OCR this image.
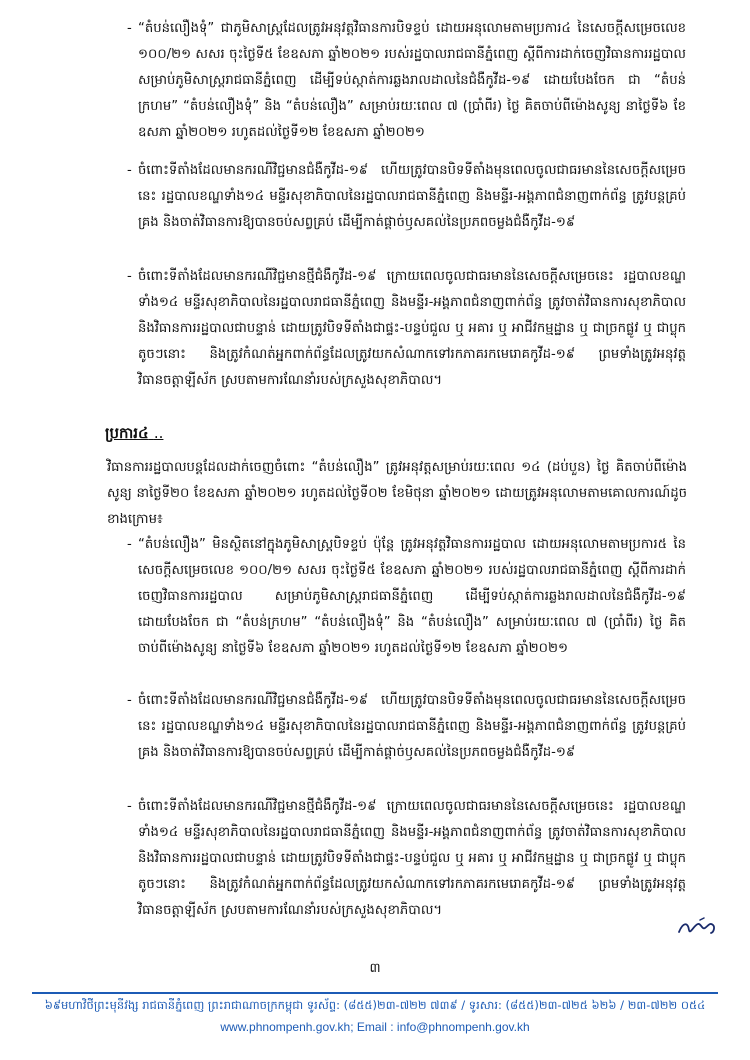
- “តំបន់លឿងទុំ” ជាភូមិសាស្ត្រដែលត្រូវអនុវត្តវិធានការបិទខ្ទប់ ដោយអនុលោមតាមប្រការ៤ នៃសេចក្តីសម្រេចលេខ ១០០/២១ សសរ ចុះថ្ងៃទី៥ ខែឧសភា ឆ្នាំ២០២១ របស់រដ្ឋបាលរាជធានីភ្នំពេញ ស្តីពីការដាក់ចេញវិធានការរដ្ឋបាល សម្រាប់ភូមិសាស្ត្ររាជធានីភ្នំពេញ ដើម្បីទប់ស្កាត់ការឆ្លងរាលដាលនៃជំងឺកូវីដ-១៩ ដោយបែងចែក ជា “តំបន់ក្រហម” “តំបន់លឿងទុំ” និង “តំបន់លឿង” សម្រាប់រយៈពេល ៧ (ប្រាំពីរ) ថ្ងៃ គិតចាប់ពីម៉ោងសូន្យ នាថ្ងៃទី៦ ខែឧសភា ឆ្នាំ២០២១ រហូតដល់ថ្ងៃទី១២ ខែឧសភា ឆ្នាំ២០២១

- ចំពោះទីតាំងដែលមានករណីវិជ្ជមានជំងឺកូវីដ-១៩ ហើយត្រូវបានបិទទីតាំងមុនពេលចូលជាធរមាននៃសេចក្តីសម្រេចនេះ រដ្ឋបាលខណ្ឌទាំង១៤ មន្ទីរសុខាភិបាលនៃរដ្ឋបាលរាជធានីភ្នំពេញ និងមន្ទីរ-អង្គភាពជំនាញពាក់ព័ន្ធ ត្រូវបន្តគ្រប់គ្រង និងចាត់វិធានការឱ្យបានចប់សព្វគ្រប់ ដើម្បីកាត់ផ្តាច់ឫសគល់នៃប្រភពចម្លងជំងឺកូវីដ-១៩

- ចំពោះទីតាំងដែលមានករណីវិជ្ជមានថ្មីជំងឺកូវីដ-១៩ ក្រោយពេលចូលជាធរមាននៃសេចក្តីសម្រេចនេះ រដ្ឋបាលខណ្ឌទាំង១៤ មន្ទីរសុខាភិបាលនៃរដ្ឋបាលរាជធានីភ្នំពេញ និងមន្ទីរ-អង្គភាពជំនាញពាក់ព័ន្ធ ត្រូវចាត់វិធានការសុខាភិបាល និងវិធានការរដ្ឋបាលជាបន្ទាន់ ដោយត្រូវបិទទីតាំងជាផ្ទះ-បន្ទប់ជួល ឬ អគារ ឬ អាជីវកម្មដ្ឋាន ឬ ជាច្រកផ្លូវ ឬ ជាប្លុកតូចៗនោះ និងត្រូវកំណត់អ្នកពាក់ព័ន្ធដែលត្រូវយកសំណាកទៅរកភាគរកមេរោគកូវីដ-១៩ ព្រមទាំងត្រូវអនុវត្តវិធានចត្តាឡីស័ក ស្របតាមការណែនាំរបស់ក្រសួងសុខាភិបាល។

ប្រការ៤ ..

វិធានការរដ្ឋបាលបន្តដែលដាក់ចេញចំពោះ “តំបន់លឿង” ត្រូវអនុវត្តសម្រាប់រយៈពេល ១៤ (ដប់បួន) ថ្ងៃ គិតចាប់ពីម៉ោងសូន្យ នាថ្ងៃទី២០ ខែឧសភា ឆ្នាំ២០២១ រហូតដល់ថ្ងៃទី០២ ខែមិថុនា ឆ្នាំ២០២១ ដោយត្រូវអនុលោមតាមគោលការណ៍ដូចខាងក្រោម៖

- “តំបន់លឿង” មិនស្ថិតនៅក្នុងភូមិសាស្ត្របិទខ្ទប់ ប៉ុន្តែ ត្រូវអនុវត្តវិធានការរដ្ឋបាល ដោយអនុលោមតាមប្រការ៥ នៃសេចក្តីសម្រេចលេខ ១០០/២១ សសរ ចុះថ្ងៃទី៥ ខែឧសភា ឆ្នាំ២០២១ របស់រដ្ឋបាលរាជធានីភ្នំពេញ ស្តីពីការដាក់ចេញវិធានការរដ្ឋបាល សម្រាប់ភូមិសាស្ត្ររាជធានីភ្នំពេញ ដើម្បីទប់ស្កាត់ការឆ្លងរាលដាលនៃជំងឺកូវីដ-១៩ ដោយបែងចែក ជា “តំបន់ក្រហម” “តំបន់លឿងទុំ” និង “តំបន់លឿង” សម្រាប់រយៈពេល ៧ (ប្រាំពីរ) ថ្ងៃ គិតចាប់ពីម៉ោងសូន្យ នាថ្ងៃទី៦ ខែឧសភា ឆ្នាំ២០២១ រហូតដល់ថ្ងៃទី១២ ខែឧសភា ឆ្នាំ២០២១

- ចំពោះទីតាំងដែលមានករណីវិជ្ជមានជំងឺកូវីដ-១៩ ហើយត្រូវបានបិទទីតាំងមុនពេលចូលជាធរមាននៃសេចក្តីសម្រេចនេះ រដ្ឋបាលខណ្ឌទាំង១៤ មន្ទីរសុខាភិបាលនៃរដ្ឋបាលរាជធានីភ្នំពេញ និងមន្ទីរ-អង្គភាពជំនាញពាក់ព័ន្ធ ត្រូវបន្តគ្រប់គ្រង និងចាត់វិធានការឱ្យបានចប់សព្វគ្រប់ ដើម្បីកាត់ផ្តាច់ឫសគល់នៃប្រភពចម្លងជំងឺកូវីដ-១៩

- ចំពោះទីតាំងដែលមានករណីវិជ្ជមានថ្មីជំងឺកូវីដ-១៩ ក្រោយពេលចូលជាធរមាននៃសេចក្តីសម្រេចនេះ រដ្ឋបាលខណ្ឌទាំង១៤ មន្ទីរសុខាភិបាលនៃរដ្ឋបាលរាជធានីភ្នំពេញ និងមន្ទីរ-អង្គភាពជំនាញពាក់ព័ន្ធ ត្រូវចាត់វិធានការសុខាភិបាល និងវិធានការរដ្ឋបាលជាបន្ទាន់ ដោយត្រូវបិទទីតាំងជាផ្ទះ-បន្ទប់ជួល ឬ អគារ ឬ អាជីវកម្មដ្ឋាន ឬ ជាច្រកផ្លូវ ឬ ជាប្លុកតូចៗនោះ និងត្រូវកំណត់អ្នកពាក់ព័ន្ធដែលត្រូវយកសំណាកទៅរកភាគរកមេរោគកូវីដ-១៩ ព្រមទាំងត្រូវអនុវត្តវិធានចត្តាឡីស័ក ស្របតាមការណែនាំរបស់ក្រសួងសុខាភិបាល។

៣
៦៩មហាវិថីព្រះមុនីវង្ស រាជធានីភ្នំពេញ ព្រះរាជាណាចក្រកម្ពុជា ទូរស័ព្ទ: (៨៥៥)២៣-៧២២ ៧៣៩ / ទូរសារ: (៨៥៥)២៣-៧២៥ ៦២៦ / ២៣-៧២២ ០៥៤
www.phnompenh.gov.kh; Email : info@phnompenh.gov.kh
